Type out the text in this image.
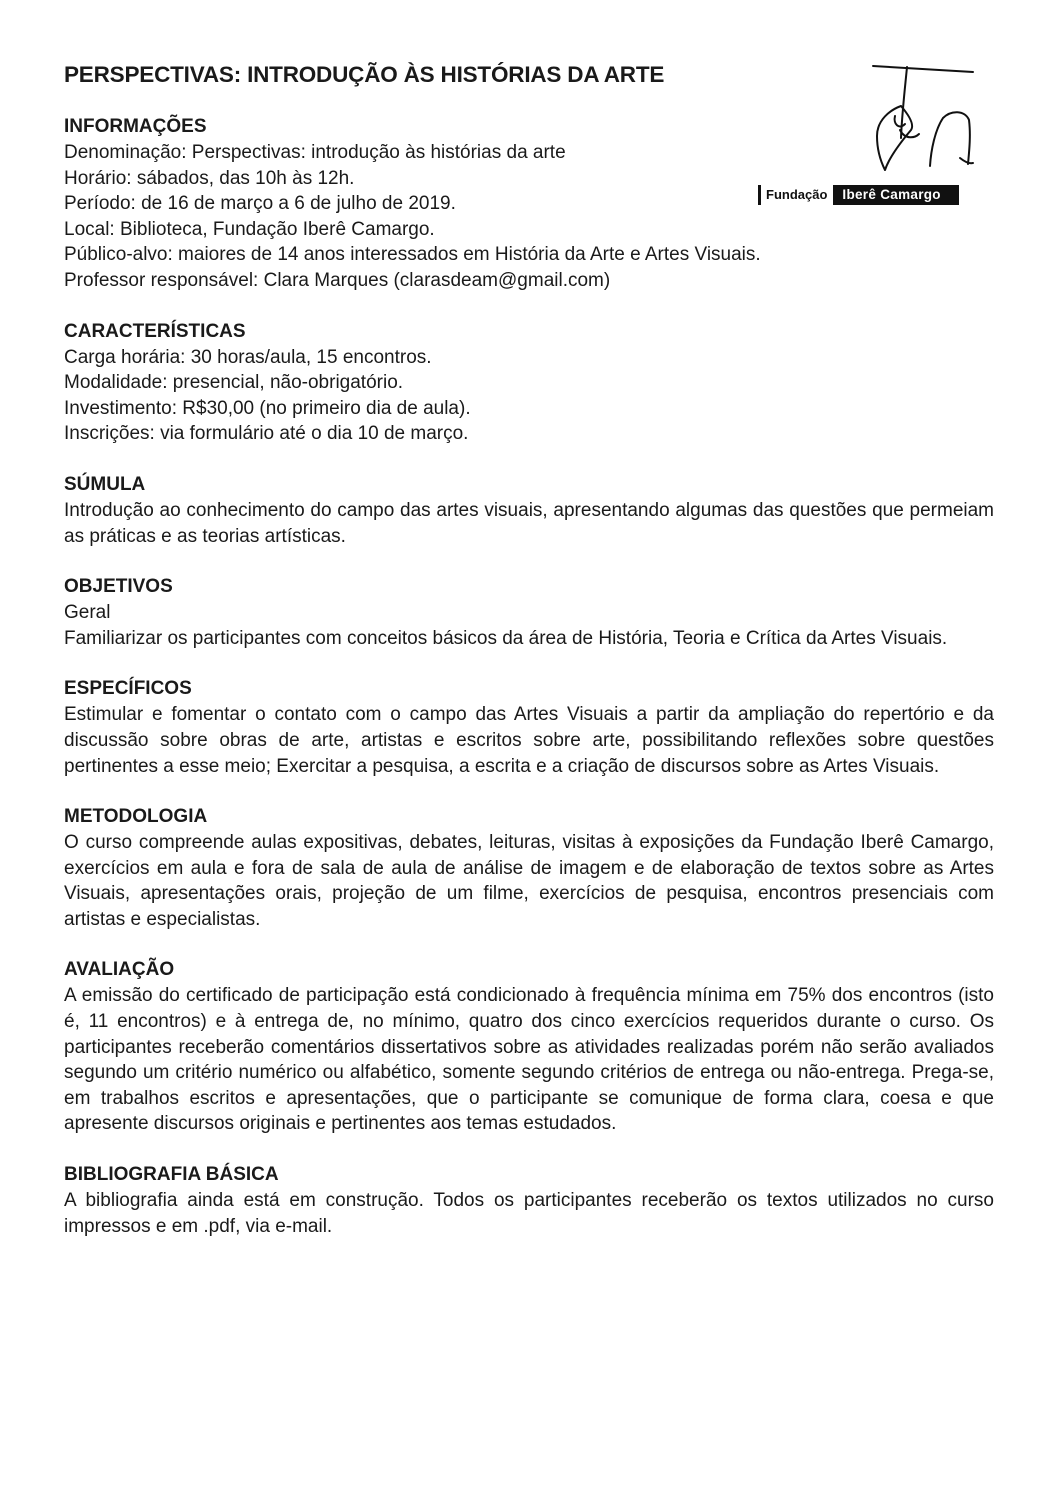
Fundação	Iberê Camargo
PERSPECTIVAS: INTRODUÇÃO ÀS HISTÓRIAS DA ARTE
INFORMAÇÕES
Denominação: Perspectivas: introdução às histórias da arte
Horário: sábados, das 10h às 12h.
Período: de 16 de março a 6 de julho de 2019.
Local: Biblioteca, Fundação Iberê Camargo.
Público-alvo: maiores de 14 anos interessados em História da Arte e Artes Visuais.
Professor responsável: Clara Marques (clarasdeam@gmail.com)
CARACTERÍSTICAS
Carga horária: 30 horas/aula, 15 encontros.
Modalidade: presencial, não-obrigatório.
Investimento: R$30,00 (no primeiro dia de aula).
Inscrições: via formulário até o dia 10 de março.
SÚMULA

Introdução ao conhecimento do campo das artes visuais, apresentando algumas das questões que permeiam as práticas e as teorias artísticas.

OBJETIVOS
Geral

Familiarizar os participantes com conceitos básicos da área de História, Teoria e Crítica da Artes Visuais.

ESPECÍFICOS

Estimular e fomentar o contato com o campo das Artes Visuais a partir da ampliação do repertório e da discussão sobre obras de arte, artistas e escritos sobre arte, possibilitando reflexões sobre questões pertinentes a esse meio; Exercitar a pesquisa, a escrita e a criação de discursos sobre as Artes Visuais.

METODOLOGIA

O curso compreende aulas expositivas, debates, leituras, visitas à exposições da Fundação Iberê Camargo, exercícios em aula e fora de sala de aula de análise de imagem e de elaboração de textos sobre as Artes Visuais, apresentações orais, projeção de um filme, exercícios de pesquisa, encontros presenciais com artistas e especialistas.

AVALIAÇÃO

A emissão do certificado de participação está condicionado à frequência mínima em 75% dos encontros (isto é, 11 encontros) e à entrega de, no mínimo, quatro dos cinco exercícios requeridos durante o curso. Os participantes receberão comentários dissertativos sobre as atividades realizadas porém não serão avaliados segundo um critério numérico ou alfabético, somente segundo critérios de entrega ou não-entrega. Prega-se, em trabalhos escritos e apresentações, que o participante se comunique de forma clara, coesa e que apresente discursos originais e pertinentes aos temas estudados.

BIBLIOGRAFIA BÁSICA

A bibliografia ainda está em construção. Todos os participantes receberão os textos utilizados no curso impressos e em .pdf, via e-mail.
